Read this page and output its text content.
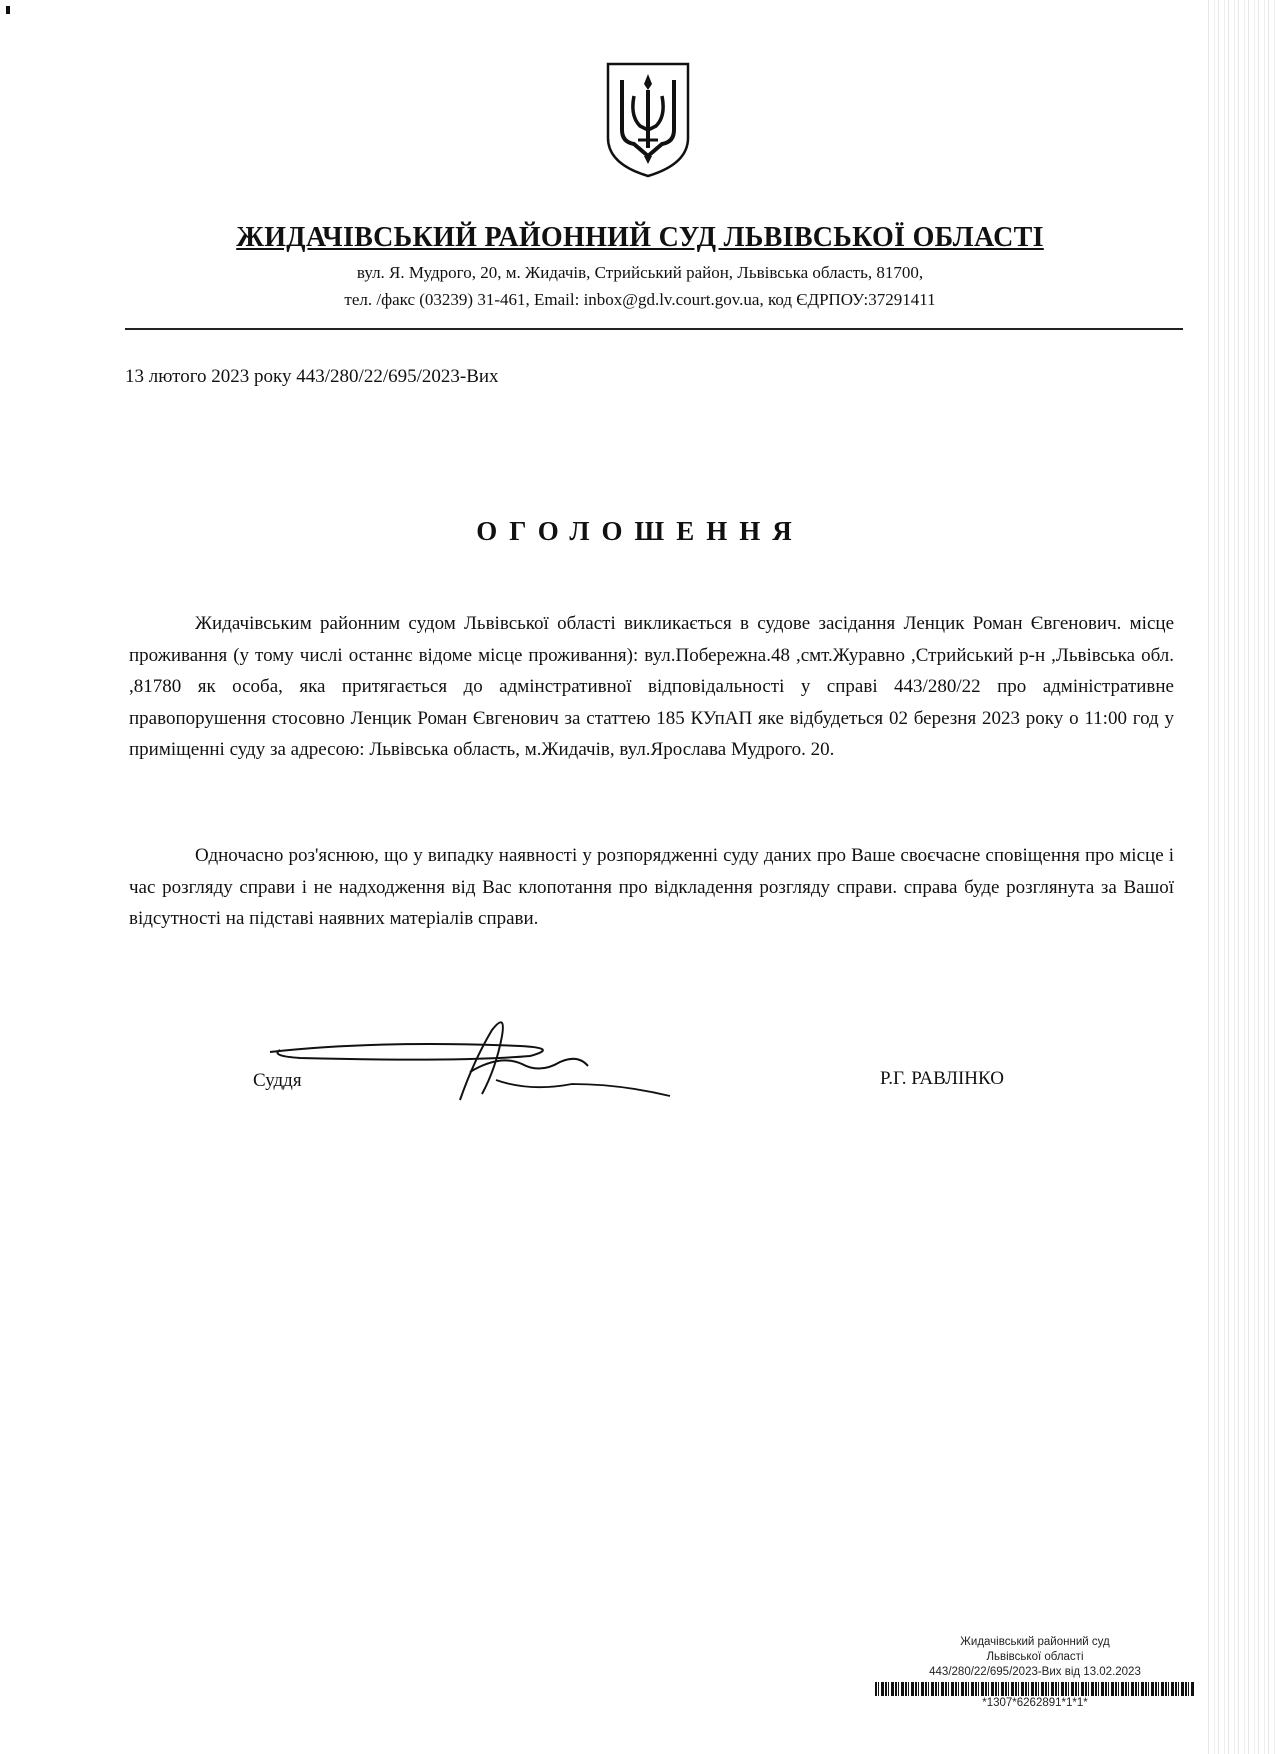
ЖИДАЧІВСЬКИЙ РАЙОННИЙ СУД ЛЬВІВСЬКОЇ ОБЛАСТІ
вул. Я. Мудрого, 20, м. Жидачів, Стрийський район, Львівська область, 81700,
тел. /факс (03239) 31-461, Email: inbox@gd.lv.court.gov.ua, код ЄДРПОУ:37291411
13 лютого 2023 року 443/280/22/695/2023-Вих
ОГОЛОШЕННЯ
Жидачівським районним судом Львівської області викликається в судове засідання Ленцик Роман Євгенович. місце проживання (у тому числі останнє відоме місце проживання): вул.Побережна.48 ,смт.Журавно ,Стрийський р-н ,Львівська обл. ,81780 як особа, яка притягається до адмінстративної відповідальності у справі 443/280/22 про адміністративне правопорушення стосовно Ленцик Роман Євгенович за статтею 185 КУпАП яке відбудеться 02 березня 2023 року о 11:00 год у приміщенні суду за адресою: Львівська область, м.Жидачів, вул.Ярослава Мудрого. 20.
Одночасно роз'яснюю, що у випадку наявності у розпорядженні суду даних про Ваше своєчасне сповіщення про місце і час розгляду справи і не надходження від Вас клопотання про відкладення розгляду справи. справа буде розглянута за Вашої відсутності на підставі наявних матеріалів справи.
Суддя	Р.Г. РАВЛІНКО
Жидачівський районний суд
Львівської області
443/280/22/695/2023-Вих від 13.02.2023
*1307*6262891*1*1*
